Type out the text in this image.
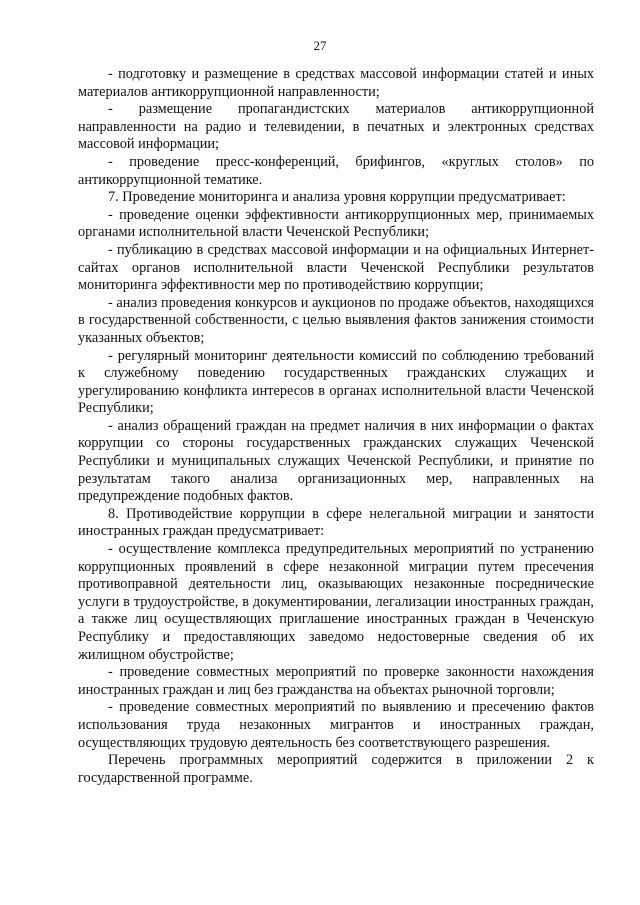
27

- подготовку и размещение в средствах массовой информации статей и иных материалов антикоррупционной направленности;

- размещение пропагандистских материалов антикоррупционной направленности на радио и телевидении, в печатных и электронных средствах массовой информации;

- проведение пресс-конференций, брифингов, «круглых столов» по антикоррупционной тематике.

7. Проведение мониторинга и анализа уровня коррупции предусматривает:

- проведение оценки эффективности антикоррупционных мер, принимаемых органами исполнительной власти Чеченской Республики;

- публикацию в средствах массовой информации и на официальных Интернет-сайтах органов исполнительной власти Чеченской Республики результатов мониторинга эффективности мер по противодействию коррупции;

- анализ проведения конкурсов и аукционов по продаже объектов, находящихся в государственной собственности, с целью выявления фактов занижения стоимости указанных объектов;

- регулярный мониторинг деятельности комиссий по соблюдению требований к служебному поведению государственных гражданских служащих и урегулированию конфликта интересов в органах исполнительной власти Чеченской Республики;

- анализ обращений граждан на предмет наличия в них информации о фактах коррупции со стороны государственных гражданских служащих Чеченской Республики и муниципальных служащих Чеченской Республики, и принятие по результатам такого анализа организационных мер, направленных на предупреждение подобных фактов.

8. Противодействие коррупции в сфере нелегальной миграции и занятости иностранных граждан предусматривает:

- осуществление комплекса предупредительных мероприятий по устранению коррупционных проявлений в сфере незаконной миграции путем пресечения противоправной деятельности лиц, оказывающих незаконные посреднические услуги в трудоустройстве, в документировании, легализации иностранных граждан, а также лиц осуществляющих приглашение иностранных граждан в Чеченскую Республику и предоставляющих заведомо недостоверные сведения об их жилищном обустройстве;

- проведение совместных мероприятий по проверке законности нахождения иностранных граждан и лиц без гражданства на объектах рыночной торговли;

- проведение совместных мероприятий по выявлению и пресечению фактов использования труда незаконных мигрантов и иностранных граждан, осуществляющих трудовую деятельность без соответствующего разрешения.

Перечень программных мероприятий содержится в приложении 2 к государственной программе.
